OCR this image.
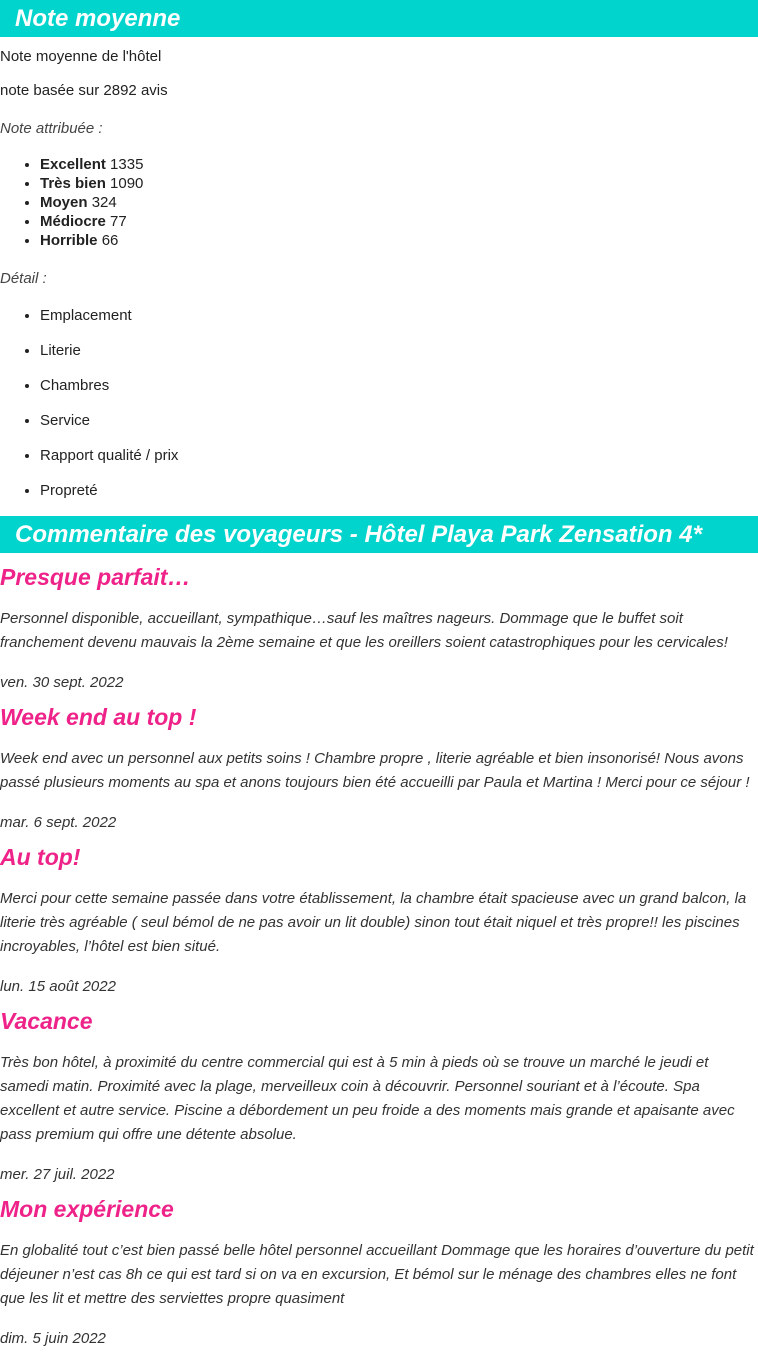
Note moyenne

Note moyenne de l'hôtel

note basée sur 2892 avis

Note attribuée :

• Excellent 1335
• Très bien 1090
• Moyen 324
• Médiocre 77
• Horrible 66

Détail :

• Emplacement
• Literie
• Chambres
• Service
• Rapport qualité / prix
• Propreté
Commentaire des voyageurs - Hôtel Playa Park Zensation 4*
Presque parfait…

Personnel disponible, accueillant, sympathique…sauf les maîtres nageurs. Dommage que le buffet soit franchement devenu mauvais la 2ème semaine et que les oreillers soient catastrophiques pour les cervicales!

ven. 30 sept. 2022

Week end au top !

Week end avec un personnel aux petits soins ! Chambre propre , literie agréable et bien insonorisé! Nous avons passé plusieurs moments au spa et anons toujours bien été accueilli par Paula et Martina ! Merci pour ce séjour !

mar. 6 sept. 2022

Au top!

Merci pour cette semaine passée dans votre établissement, la chambre était spacieuse avec un grand balcon, la literie très agréable ( seul bémol de ne pas avoir un lit double) sinon tout était niquel et très propre!! les piscines incroyables, l’hôtel est bien situé.

lun. 15 août 2022

Vacance

Très bon hôtel, à proximité du centre commercial qui est à 5 min à pieds où se trouve un marché le jeudi et samedi matin. Proximité avec la plage, merveilleux coin à découvrir. Personnel souriant et à l’écoute. Spa excellent et autre service. Piscine a débordement un peu froide a des moments mais grande et apaisante avec pass premium qui offre une détente absolue.

mer. 27 juil. 2022

Mon expérience

En globalité tout c’est bien passé belle hôtel personnel accueillant Dommage que les horaires d’ouverture du petit déjeuner n’est cas 8h ce qui est tard si on va en excursion, Et bémol sur le ménage des chambres elles ne font que les lit et mettre des serviettes propre quasiment

dim. 5 juin 2022
